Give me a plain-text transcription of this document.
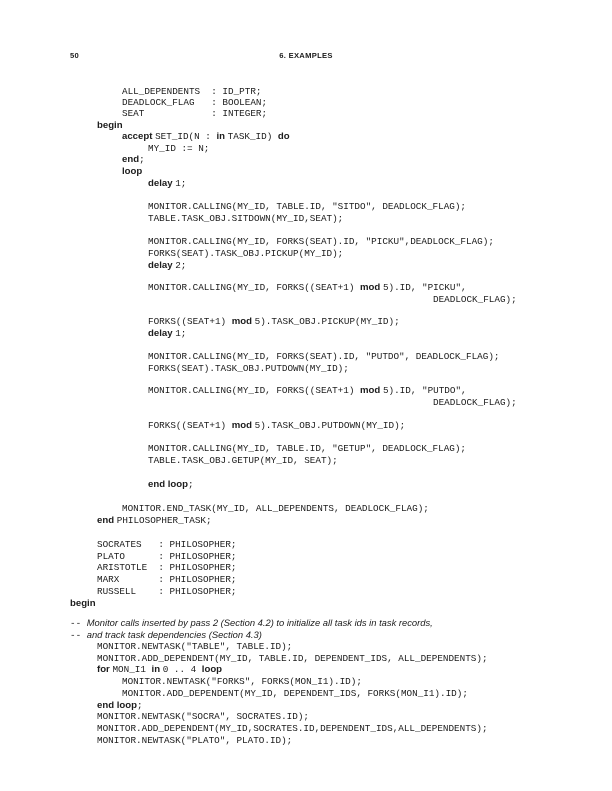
50	6. EXAMPLES
ALL_DEPENDENTS  : ID_PTR;
DEADLOCK_FLAG   : BOOLEAN;
SEAT            : INTEGER;
begin
accept SET_ID(N : in TASK_ID) do
MY_ID := N;
end;
loop
delay 1;
MONITOR.CALLING(MY_ID, TABLE.ID, "SITDO", DEADLOCK_FLAG);
TABLE.TASK_OBJ.SITDOWN(MY_ID,SEAT);
MONITOR.CALLING(MY_ID, FORKS(SEAT).ID, "PICKU",DEADLOCK_FLAG);
FORKS(SEAT).TASK_OBJ.PICKUP(MY_ID);
delay 2;
MONITOR.CALLING(MY_ID, FORKS((SEAT+1) mod 5).ID, "PICKU",
DEADLOCK_FLAG);
FORKS((SEAT+1) mod 5).TASK_OBJ.PICKUP(MY_ID);
delay 1;
MONITOR.CALLING(MY_ID, FORKS(SEAT).ID, "PUTDO", DEADLOCK_FLAG);
FORKS(SEAT).TASK_OBJ.PUTDOWN(MY_ID);
MONITOR.CALLING(MY_ID, FORKS((SEAT+1) mod 5).ID, "PUTDO",
DEADLOCK_FLAG);
FORKS((SEAT+1) mod 5).TASK_OBJ.PUTDOWN(MY_ID);
MONITOR.CALLING(MY_ID, TABLE.ID, "GETUP", DEADLOCK_FLAG);
TABLE.TASK_OBJ.GETUP(MY_ID, SEAT);
end loop;
MONITOR.END_TASK(MY_ID, ALL_DEPENDENTS, DEADLOCK_FLAG);
end PHILOSOPHER_TASK;
SOCRATES   : PHILOSOPHER;
PLATO      : PHILOSOPHER;
ARISTOTLE  : PHILOSOPHER;
MARX       : PHILOSOPHER;
RUSSELL    : PHILOSOPHER;
begin
-- Monitor calls inserted by pass 2 (Section 4.2) to initialize all task ids in task records,
-- and track task dependencies (Section 4.3)
MONITOR.NEWTASK("TABLE", TABLE.ID);
MONITOR.ADD_DEPENDENT(MY_ID, TABLE.ID, DEPENDENT_IDS, ALL_DEPENDENTS);
for MON_I1 in 0 .. 4 loop
MONITOR.NEWTASK("FORKS", FORKS(MON_I1).ID);
MONITOR.ADD_DEPENDENT(MY_ID, DEPENDENT_IDS, FORKS(MON_I1).ID);
end loop;
MONITOR.NEWTASK("SOCRA", SOCRATES.ID);
MONITOR.ADD_DEPENDENT(MY_ID,SOCRATES.ID,DEPENDENT_IDS,ALL_DEPENDENTS);
MONITOR.NEWTASK("PLATO", PLATO.ID);
